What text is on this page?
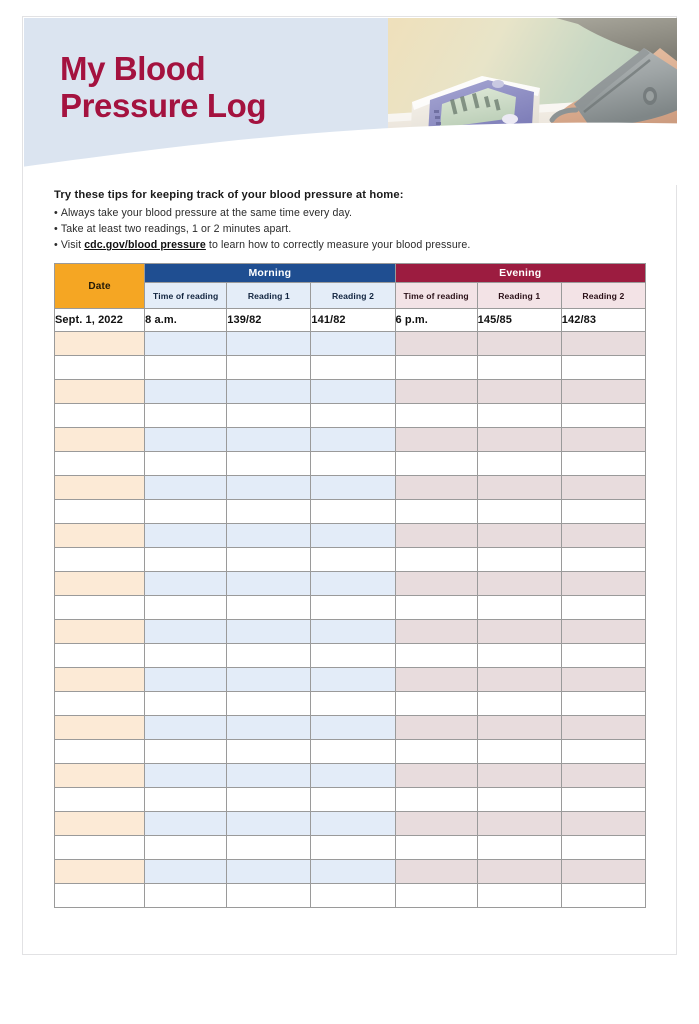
My Blood
Pressure Log
Try these tips for keeping track of your blood pressure at home:
• Always take your blood pressure at the same time every day.
• Take at least two readings, 1 or 2 minutes apart.
• Visit cdc.gov/blood pressure to learn how to correctly measure your blood pressure.
Date	Morning			Evening		
	Time of reading	Reading 1	Reading 2	Time of reading	Reading 1	Reading 2
Sept. 1, 2022	8 a.m.	139/82	141/82	6 p.m.	145/85	142/83
